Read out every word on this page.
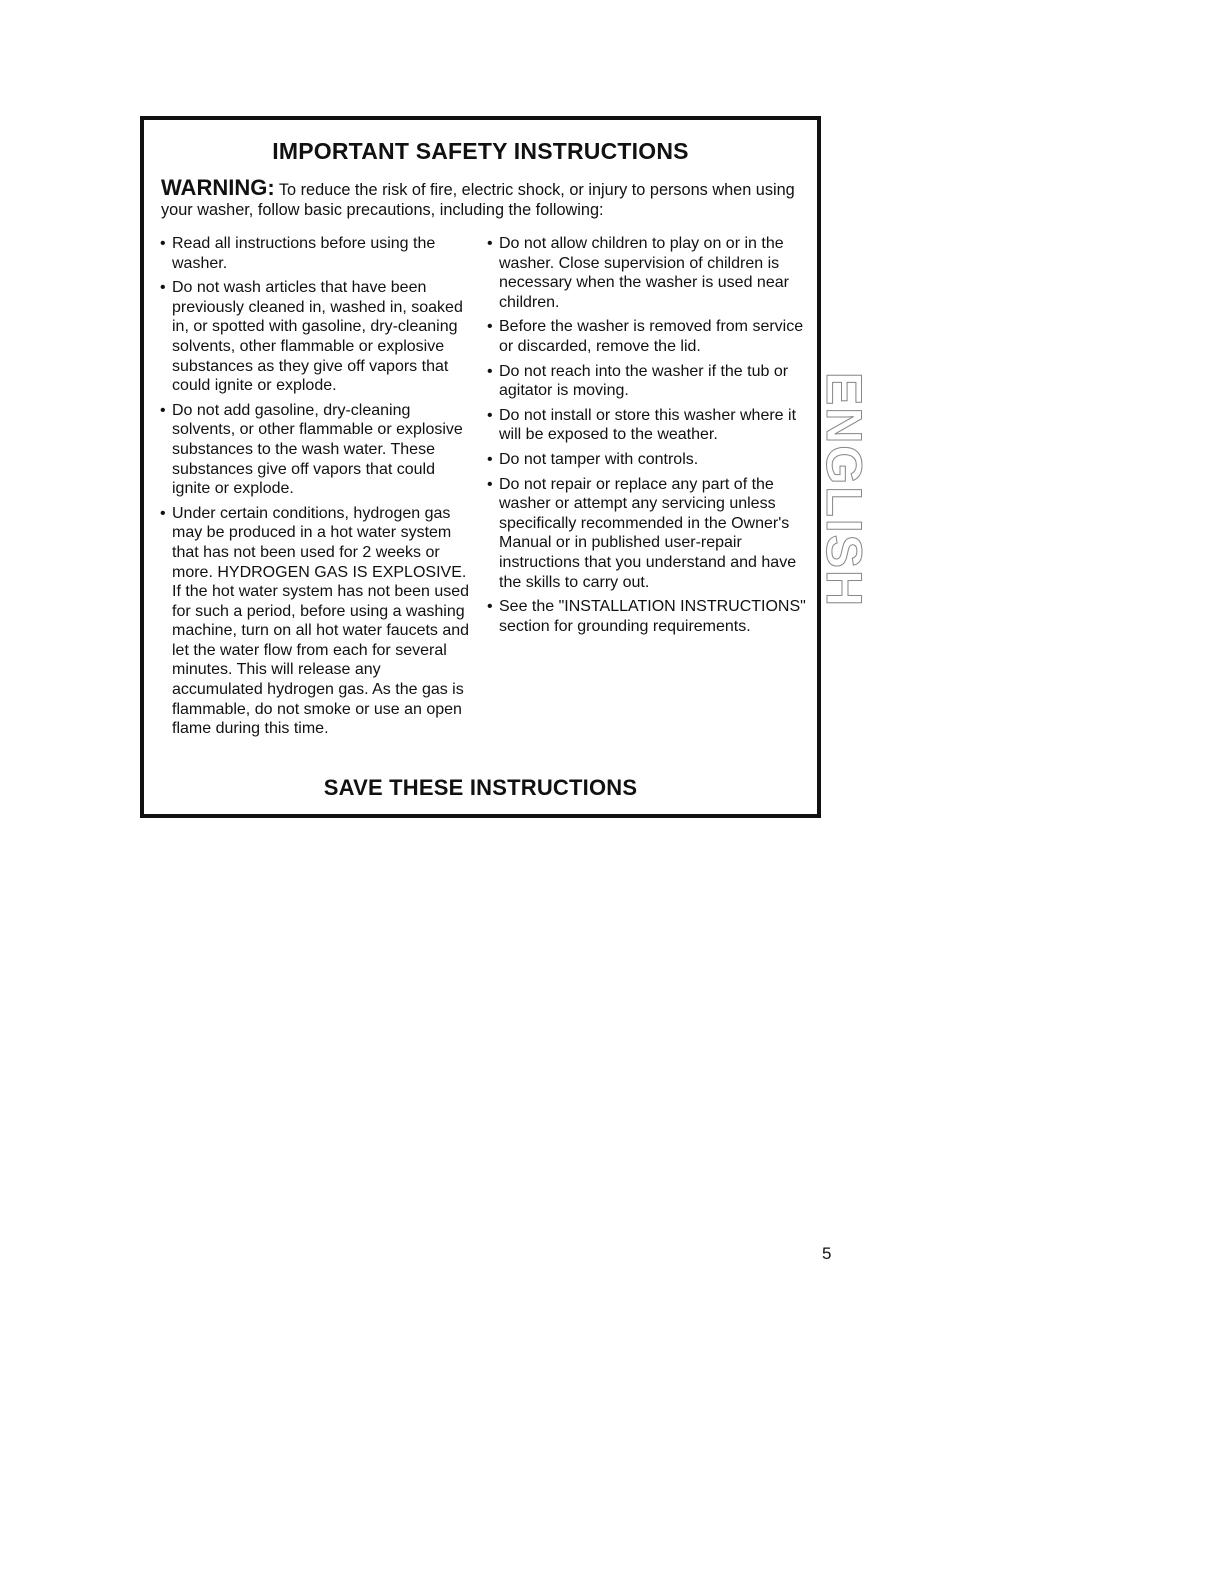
IMPORTANT SAFETY INSTRUCTIONS
WARNING: To reduce the risk of fire, electric shock, or injury to persons when using your washer, follow basic precautions, including the following:
• Read all instructions before using the washer.
• Do not wash articles that have been previously cleaned in, washed in, soaked in, or spotted with gasoline, dry-cleaning solvents, other flammable or explosive substances as they give off vapors that could ignite or explode.
• Do not add gasoline, dry-cleaning solvents, or other flammable or explosive substances to the wash water. These substances give off vapors that could ignite or explode.
• Under certain conditions, hydrogen gas may be produced in a hot water system that has not been used for 2 weeks or more. HYDROGEN GAS IS EXPLOSIVE. If the hot water system has not been used for such a period, before using a washing machine, turn on all hot water faucets and let the water flow from each for several minutes. This will release any accumulated hydrogen gas. As the gas is flammable, do not smoke or use an open flame during this time.
• Do not allow children to play on or in the washer. Close supervision of children is necessary when the washer is used near children.
• Before the washer is removed from service or discarded, remove the lid.
• Do not reach into the washer if the tub or agitator is moving.
• Do not install or store this washer where it will be exposed to the weather.
• Do not tamper with controls.
• Do not repair or replace any part of the washer or attempt any servicing unless specifically recommended in the Owner's Manual or in published user-repair instructions that you understand and have the skills to carry out.
• See the "INSTALLATION INSTRUCTIONS" section for grounding requirements.
SAVE THESE INSTRUCTIONS
ENGLISH
5
